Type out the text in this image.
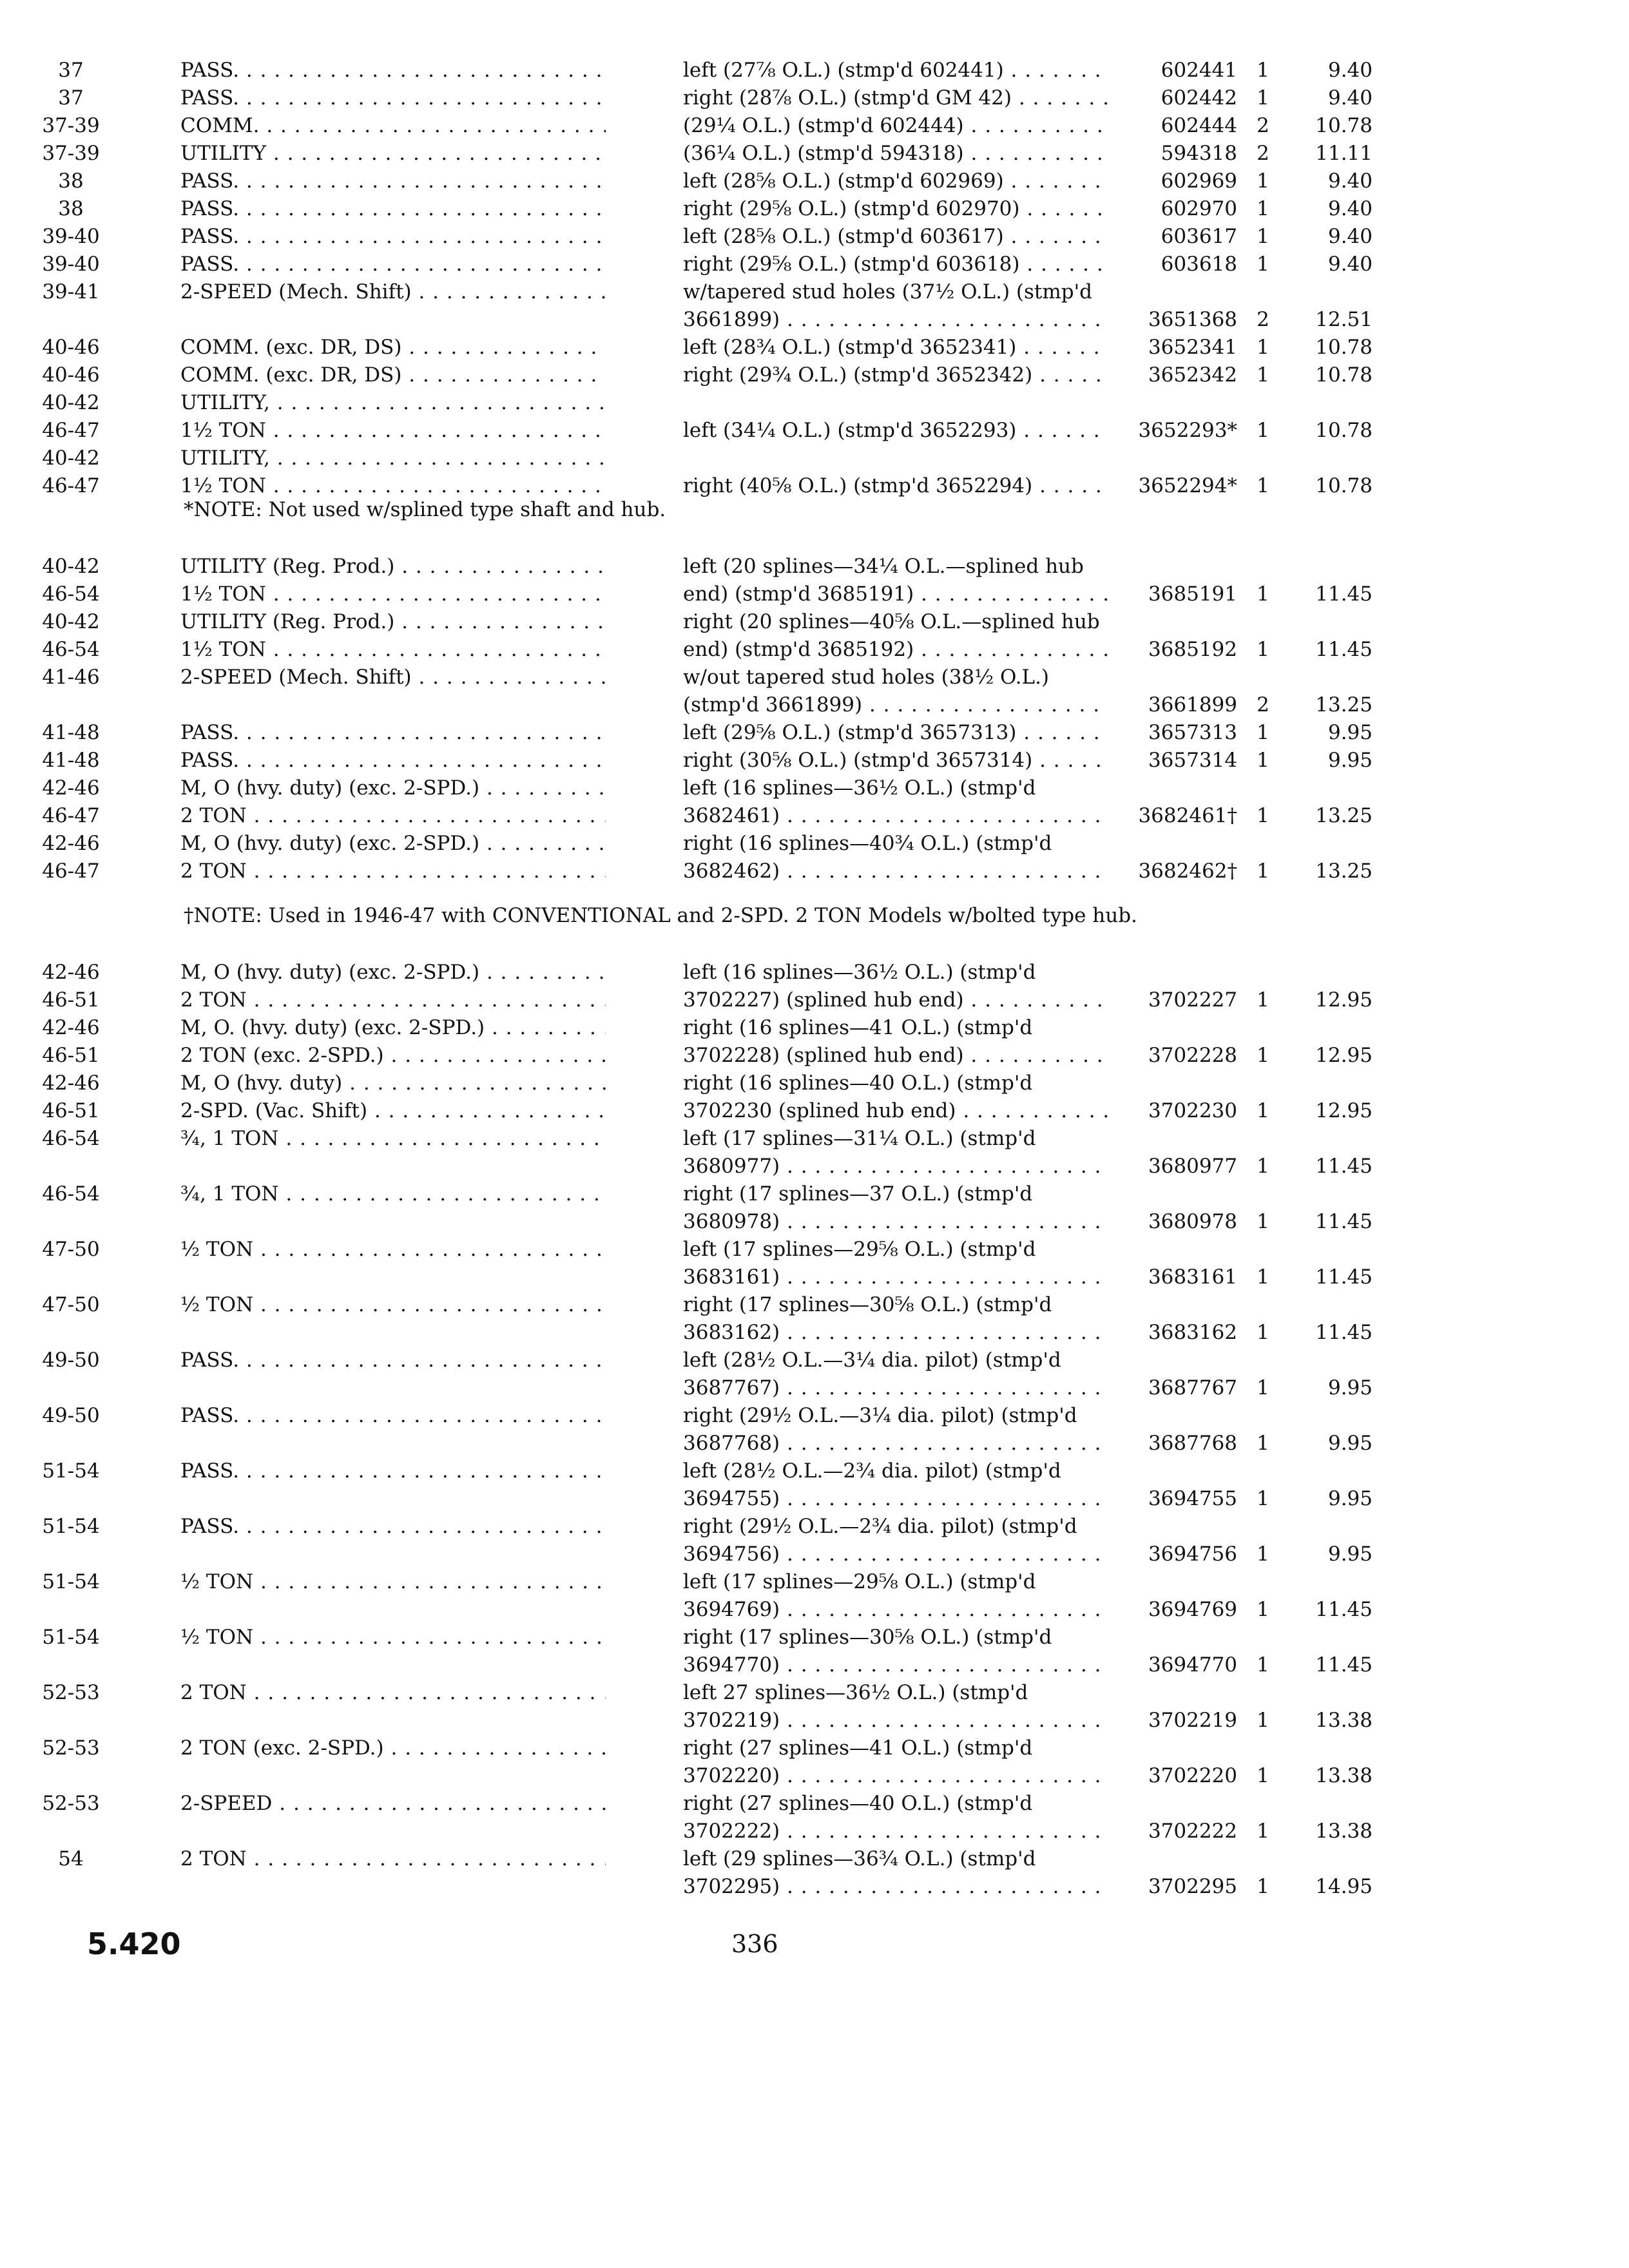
37	PASS. . . .	left (27⅞ O.L.) (stmp'd 602441) . . .	602441 1	9.40
37	PASS. . . .	right (28⅞ O.L.) (stmp'd GM 42) . . .	602442 1	9.40
37-39	COMM. . . .	(29¼ O.L.) (stmp'd 602444) . . .	602444 2	10.78
37-39	UTILITY . . .	(36¼ O.L.) (stmp'd 594318) . . .	594318 2	11.11
38	PASS. . . .	left (28⅝ O.L.) (stmp'd 602969) . . .	602969 1	9.40
38	PASS. . . .	right (29⅝ O.L.) (stmp'd 602970) . . .	602970 1	9.40
39-40	PASS. . . .	left (28⅝ O.L.) (stmp'd 603617) . . .	603617 1	9.40
39-40	PASS. . . .	right (29⅝ O.L.) (stmp'd 603618) . . .	603618 1	9.40
39-41	2-SPEED (Mech. Shift) . . .	w/tapered stud holes (37½ O.L.) (stmp'd
3661899) . . .	3651368 2	12.51
40-46	COMM. (exc. DR, DS) . . .	left (28¾ O.L.) (stmp'd 3652341) . . .	3652341 1	10.78
40-46	COMM. (exc. DR, DS) . . .	right (29¾ O.L.) (stmp'd 3652342) . . .	3652342 1	10.78
40-42	UTILITY, . . .
46-47	1½ TON . . .	left (34¼ O.L.) (stmp'd 3652293) . . .	3652293* 1	10.78
40-42	UTILITY, . . .
46-47	1½ TON . . .	right (40⅝ O.L.) (stmp'd 3652294) . . .	3652294* 1	10.78
*NOTE: Not used w/splined type shaft and hub.
40-42	UTILITY (Reg. Prod.) . . .	left (20 splines—34¼ O.L.—splined hub
46-54	1½ TON . . .	end) (stmp'd 3685191) . . .	3685191 1	11.45
40-42	UTILITY (Reg. Prod.) . . .	right (20 splines—40⅝ O.L.—splined hub
46-54	1½ TON . . .	end) (stmp'd 3685192) . . .	3685192 1	11.45
41-46	2-SPEED (Mech. Shift) . . .	w/out tapered stud holes (38½ O.L.)
(stmp'd 3661899) . . .	3661899 2	13.25
41-48	PASS. . . .	left (29⅝ O.L.) (stmp'd 3657313) . . .	3657313 1	9.95
41-48	PASS. . . .	right (30⅝ O.L.) (stmp'd 3657314) . . .	3657314 1	9.95
42-46	M, O (hvy. duty) (exc. 2-SPD.) . . .	left (16 splines—36½ O.L.) (stmp'd
46-47	2 TON . . .	3682461) . . .	3682461† 1	13.25
42-46	M, O (hvy. duty) (exc. 2-SPD.) . . .	right (16 splines—40¾ O.L.) (stmp'd
46-47	2 TON . . .	3682462) . . .	3682462† 1	13.25
†NOTE: Used in 1946-47 with CONVENTIONAL and 2-SPD. 2 TON Models w/bolted type hub.
42-46	M, O (hvy. duty) (exc. 2-SPD.) . . .	left (16 splines—36½ O.L.) (stmp'd
46-51	2 TON . . .	3702227) (splined hub end) . . .	3702227 1	12.95
42-46	M, O. (hvy. duty) (exc. 2-SPD.) . . .	right (16 splines—41 O.L.) (stmp'd
46-51	2 TON (exc. 2-SPD.) . . .	3702228) (splined hub end) . . .	3702228 1	12.95
42-46	M, O (hvy. duty) . . .	right (16 splines—40 O.L.) (stmp'd
46-51	2-SPD. (Vac. Shift) . . .	3702230 (splined hub end) . . .	3702230 1	12.95
46-54	¾, 1 TON . . .	left (17 splines—31¼ O.L.) (stmp'd
3680977) . . .	3680977 1	11.45
46-54	¾, 1 TON . . .	right (17 splines—37 O.L.) (stmp'd
3680978) . . .	3680978 1	11.45
47-50	½ TON . . .	left (17 splines—29⅝ O.L.) (stmp'd
3683161) . . .	3683161 1	11.45
47-50	½ TON . . .	right (17 splines—30⅝ O.L.) (stmp'd
3683162) . . .	3683162 1	11.45
49-50	PASS. . . .	left (28½ O.L.—3¼ dia. pilot) (stmp'd
3687767) . . .	3687767 1	9.95
49-50	PASS. . . .	right (29½ O.L.—3¼ dia. pilot) (stmp'd
3687768) . . .	3687768 1	9.95
51-54	PASS. . . .	left (28½ O.L.—2¾ dia. pilot) (stmp'd
3694755) . . .	3694755 1	9.95
51-54	PASS. . . .	right (29½ O.L.—2¾ dia. pilot) (stmp'd
3694756) . . .	3694756 1	9.95
51-54	½ TON . . .	left (17 splines—29⅝ O.L.) (stmp'd
3694769) . . .	3694769 1	11.45
51-54	½ TON . . .	right (17 splines—30⅝ O.L.) (stmp'd
3694770) . . .	3694770 1	11.45
52-53	2 TON . . .	left 27 splines—36½ O.L.) (stmp'd
3702219) . . .	3702219 1	13.38
52-53	2 TON (exc. 2-SPD.) . . .	right (27 splines—41 O.L.) (stmp'd
3702220) . . .	3702220 1	13.38
52-53	2-SPEED . . .	right (27 splines—40 O.L.) (stmp'd
3702222) . . .	3702222 1	13.38
54	2 TON . . .	left (29 splines—36¾ O.L.) (stmp'd
3702295) . . .	3702295 1	14.95
5.420	336
